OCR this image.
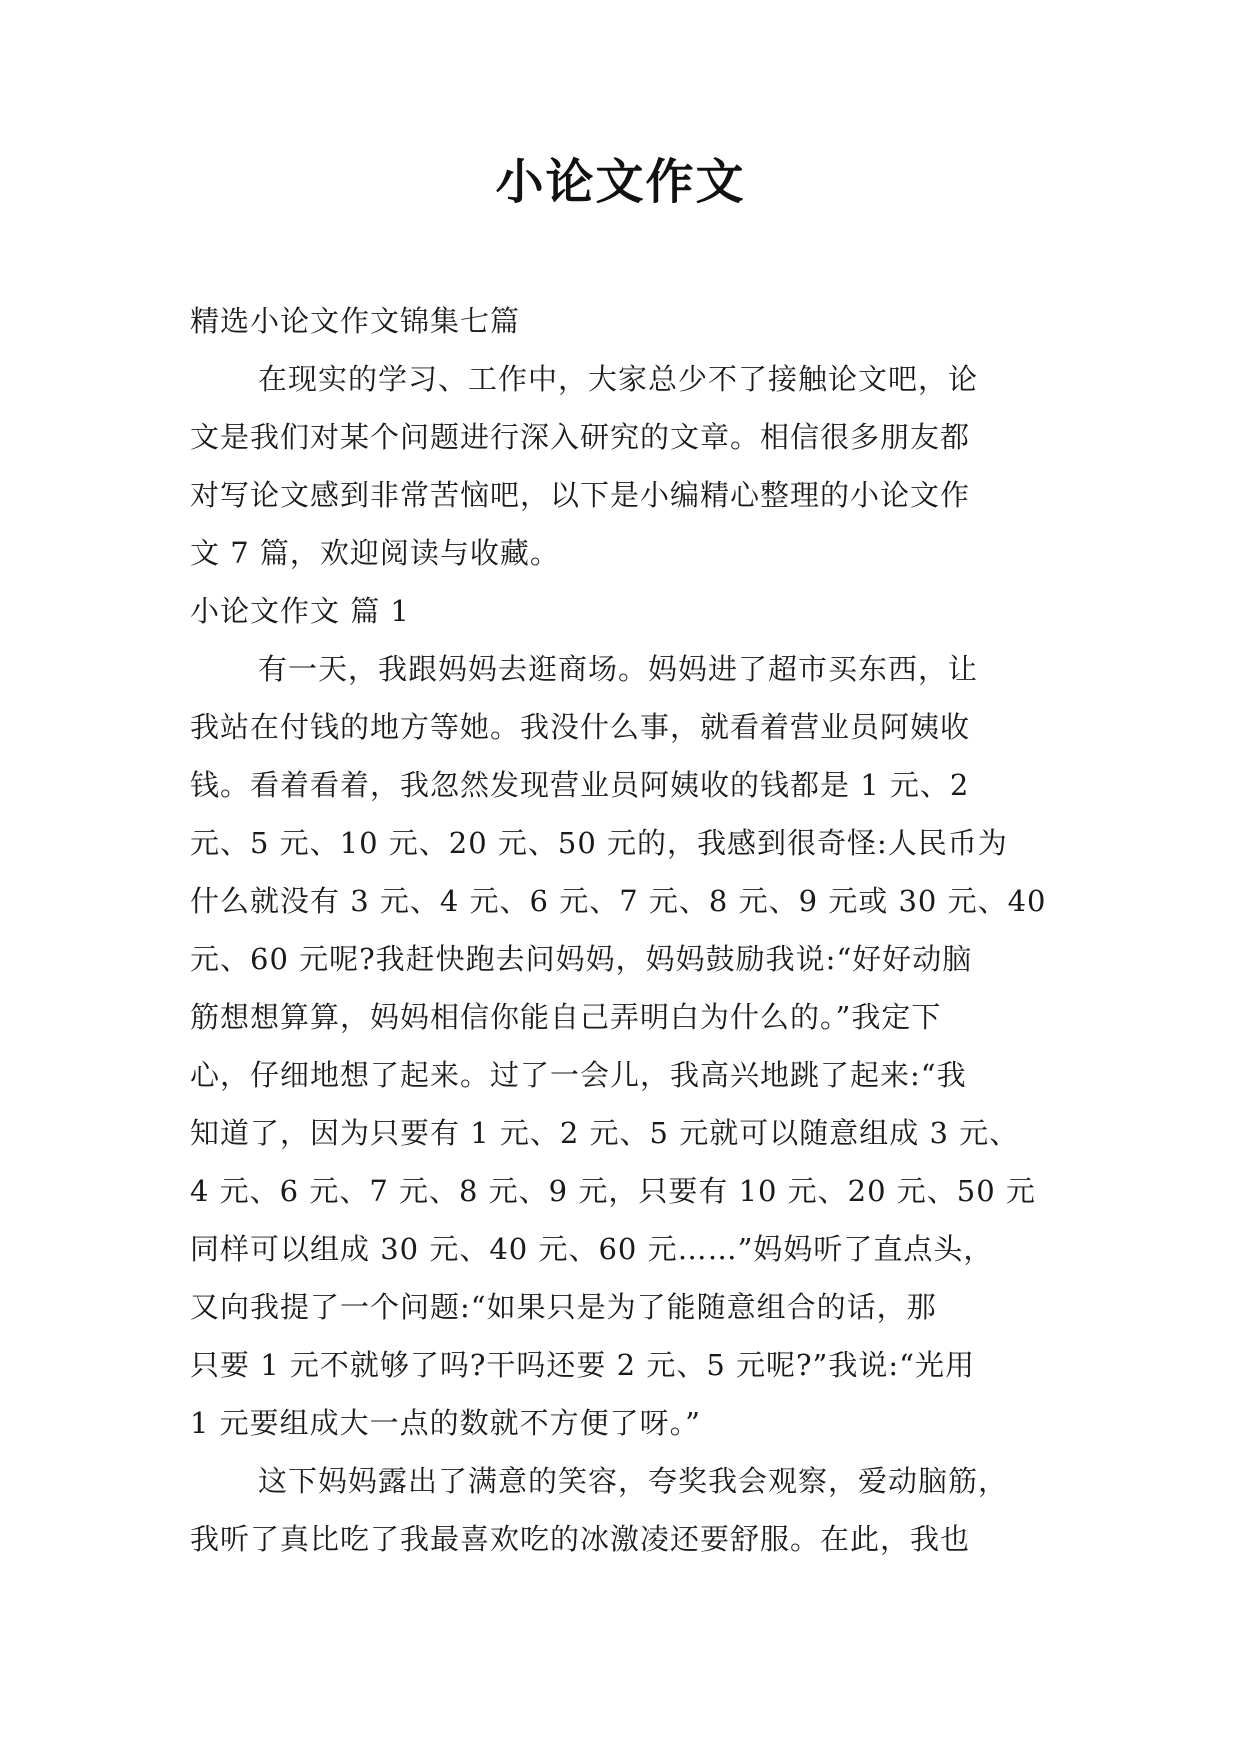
小论文作文
精选小论文作文锦集七篇
在现实的学习、工作中，大家总少不了接触论文吧，论
文是我们对某个问题进行深入研究的文章。相信很多朋友都
对写论文感到非常苦恼吧，以下是小编精心整理的小论文作
文 7 篇，欢迎阅读与收藏。
小论文作文 篇 1
有一天，我跟妈妈去逛商场。妈妈进了超市买东西，让
我站在付钱的地方等她。我没什么事，就看着营业员阿姨收
钱。看着看着，我忽然发现营业员阿姨收的钱都是 1 元、2
元、5 元、10 元、20 元、50 元的，我感到很奇怪:人民币为
什么就没有 3 元、4 元、6 元、7 元、8 元、9 元或 30 元、40
元、60 元呢?我赶快跑去问妈妈，妈妈鼓励我说:“好好动脑
筋想想算算，妈妈相信你能自己弄明白为什么的。”我定下
心，仔细地想了起来。过了一会儿，我高兴地跳了起来:“我
知道了，因为只要有 1 元、2 元、5 元就可以随意组成 3 元、
4 元、6 元、7 元、8 元、9 元，只要有 10 元、20 元、50 元
同样可以组成 30 元、40 元、60 元……”妈妈听了直点头，
又向我提了一个问题:“如果只是为了能随意组合的话，那
只要 1 元不就够了吗?干吗还要 2 元、5 元呢?”我说:“光用
1 元要组成大一点的数就不方便了呀。”
这下妈妈露出了满意的笑容，夸奖我会观察，爱动脑筋，
我听了真比吃了我最喜欢吃的冰激凌还要舒服。在此，我也
